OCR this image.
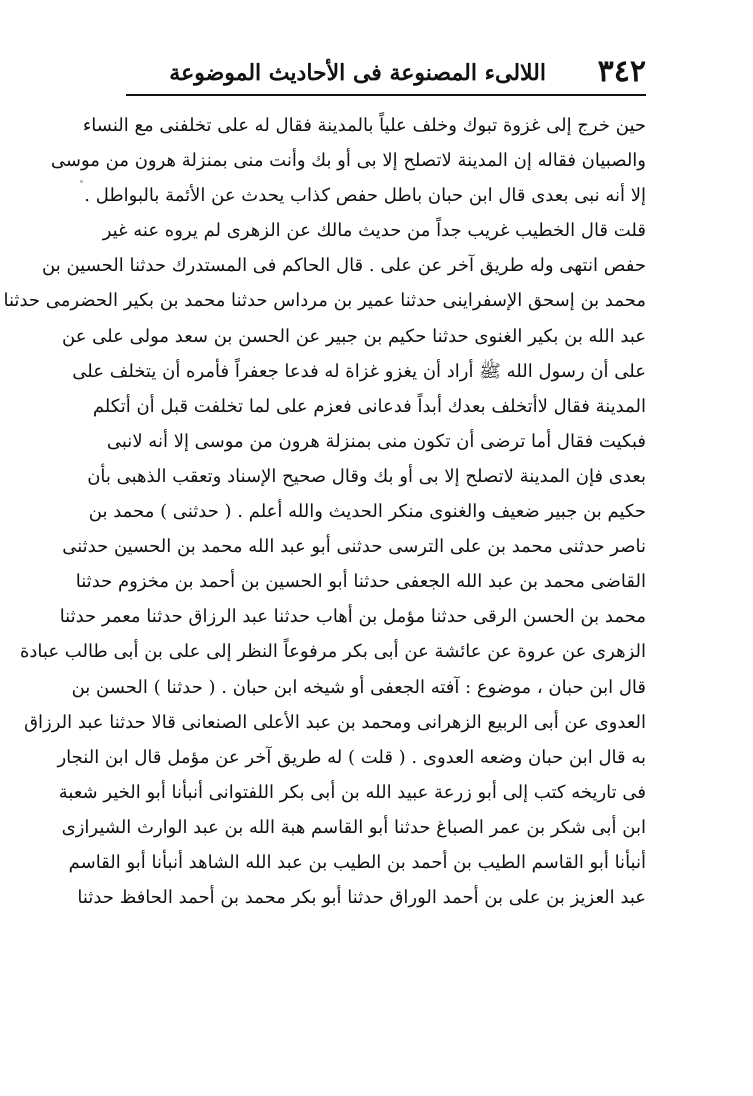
٣٤٢
اللالىء المصنوعة فى الأحاديث الموضوعة
حين خرج إلى غزوة تبوك وخلف علياً بالمدينة فقال له على تخلفنى مع النساء
والصبيان فقاله إن المدينة لاتصلح إلا بى أو بك وأنت منى بمنزلة هرون من موسى
إلا أنه نبى بعدى قال ابن حبان باطل حفص كذاب يحدث عن الأئمة بالبواطل .
قلت قال الخطيب غريب جداً من حديث مالك عن الزهرى لم يروه عنه غير
حفص انتهى وله طريق آخر عن على . قال الحاكم فى المستدرك حدثنا الحسين بن
محمد بن إسحق الإسفراينى حدثنا عمير بن مرداس حدثنا محمد بن بكير الحضرمى حدثنا
عبد الله بن بكير الغنوى حدثنا حكيم بن جبير عن الحسن بن سعد مولى على عن
على أن رسول الله ﷺ أراد أن يغزو غزاة له فدعا جعفراً فأمره أن يتخلف على
المدينة فقال لاأتخلف بعدك أبداً فدعانى فعزم على لما تخلفت قبل أن أتكلم
فبكيت فقال أما ترضى أن تكون منى بمنزلة هرون من موسى إلا أنه لانبى
بعدى فإن المدينة لاتصلح إلا بى أو بك وقال صحيح الإسناد وتعقب الذهبى بأن
حكيم بن جبير ضعيف والغنوى منكر الحديث والله أعلم . ( حدثنى ) محمد بن
ناصر حدثنى محمد بن على الترسى حدثنى أبو عبد الله محمد بن الحسين حدثنى
القاضى محمد بن عبد الله الجعفى حدثنا أبو الحسين بن أحمد بن مخزوم حدثنا
محمد بن الحسن الرقى حدثنا مؤمل بن أهاب حدثنا عبد الرزاق حدثنا معمر حدثنا
الزهرى عن عروة عن عائشة عن أبى بكر مرفوعاً النظر إلى على بن أبى طالب عبادة
قال ابن حبان ، موضوع : آفته الجعفى أو شيخه ابن حبان . ( حدثنا ) الحسن بن
العدوى عن أبى الربيع الزهرانى ومحمد بن عبد الأعلى الصنعانى قالا حدثنا عبد الرزاق
به قال ابن حبان وضعه العدوى . ( قلت ) له طريق آخر عن مؤمل قال ابن النجار
فى تاريخه كتب إلى أبو زرعة عبيد الله بن أبى بكر اللفتوانى أنبأنا أبو الخير شعبة
ابن أبى شكر بن عمر الصباغ حدثنا أبو القاسم هبة الله بن عبد الوارث الشيرازى
أنبأنا أبو القاسم الطيب بن أحمد بن الطيب بن عبد الله الشاهد أنبأنا أبو القاسم
عبد العزيز بن على بن أحمد الوراق حدثنا أبو بكر محمد بن أحمد الحافظ حدثنا
